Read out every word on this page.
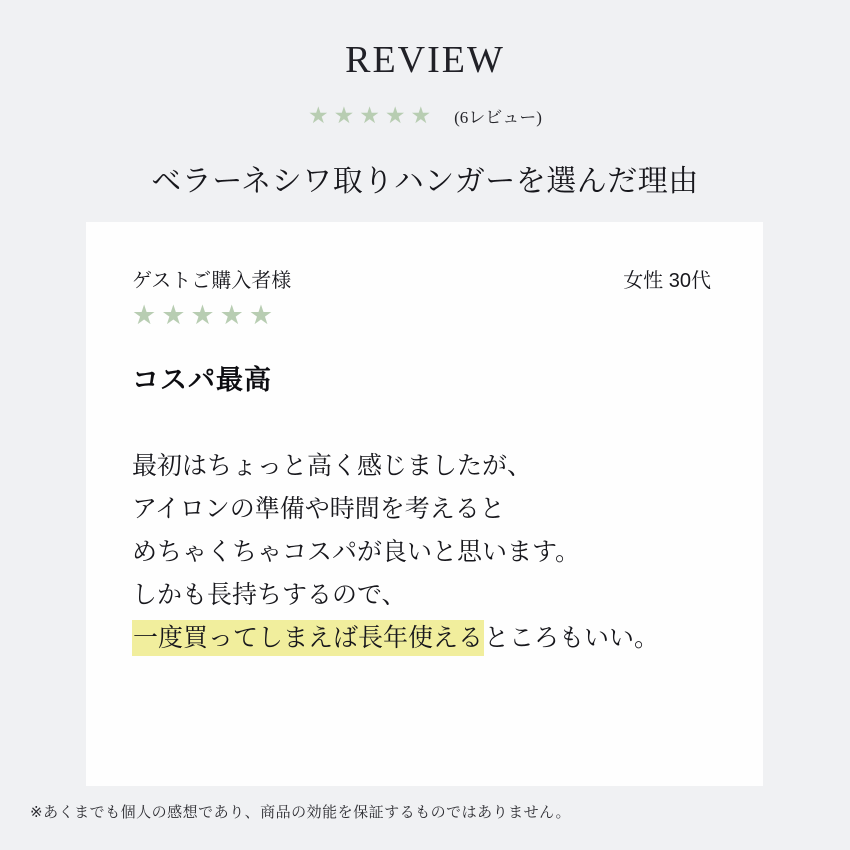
REVIEW
★★★★★ (6レビュー)
ベラーネシワ取りハンガーを選んだ理由
ゲストご購入者様	女性 30代
★★★★★
コスパ最高
最初はちょっと高く感じましたが、
アイロンの準備や時間を考えると
めちゃくちゃコスパが良いと思います。
しかも長持ちするので、
一度買ってしまえば長年使えるところもいい。
※あくまでも個人の感想であり、商品の効能を保証するものではありません。
